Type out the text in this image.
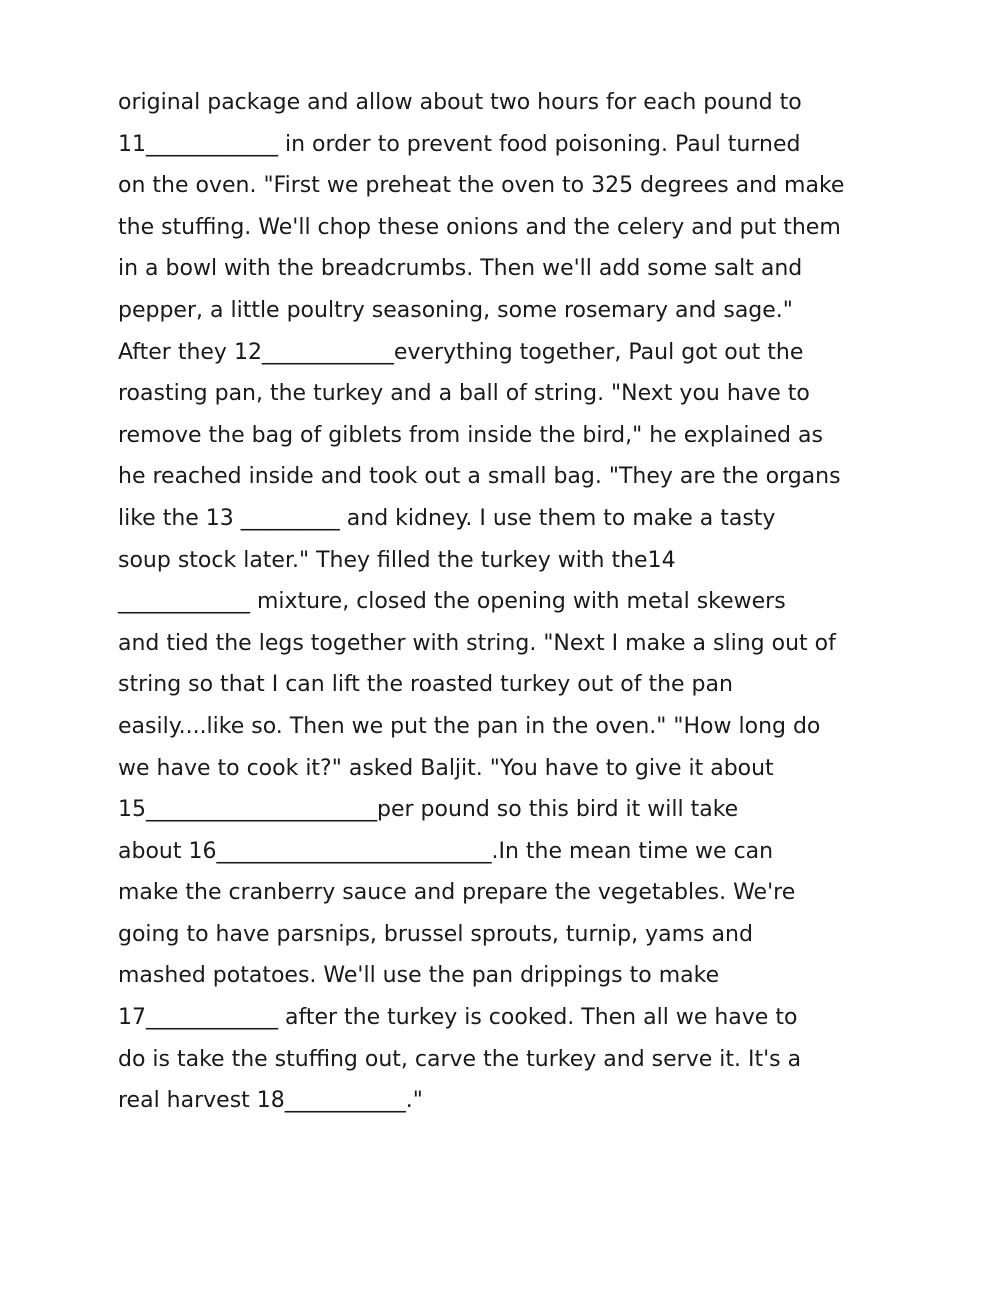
original package and allow about two hours for each pound to
11____________ in order to prevent food poisoning. Paul turned
on the oven. "First we preheat the oven to 325 degrees and make
the stuffing. We'll chop these onions and the celery and put them
in a bowl with the breadcrumbs. Then we'll add some salt and
pepper, a little poultry seasoning, some rosemary and sage."
After they 12____________everything together, Paul got out the
roasting pan, the turkey and a ball of string. "Next you have to
remove the bag of giblets from inside the bird," he explained as
he reached inside and took out a small bag. "They are the organs
like the 13 _________ and kidney. I use them to make a tasty
soup stock later." They filled the turkey with the14
____________ mixture, closed the opening with metal skewers
and tied the legs together with string. "Next I make a sling out of
string so that I can lift the roasted turkey out of the pan
easily....like so. Then we put the pan in the oven." "How long do
we have to cook it?" asked Baljit. "You have to give it about
15_____________________per pound so this bird it will take
about 16_________________________.In the mean time we can
make the cranberry sauce and prepare the vegetables. We're
going to have parsnips, brussel sprouts, turnip, yams and
mashed potatoes. We'll use the pan drippings to make
17____________ after the turkey is cooked. Then all we have to
do is take the stuffing out, carve the turkey and serve it. It's a
real harvest 18___________."
